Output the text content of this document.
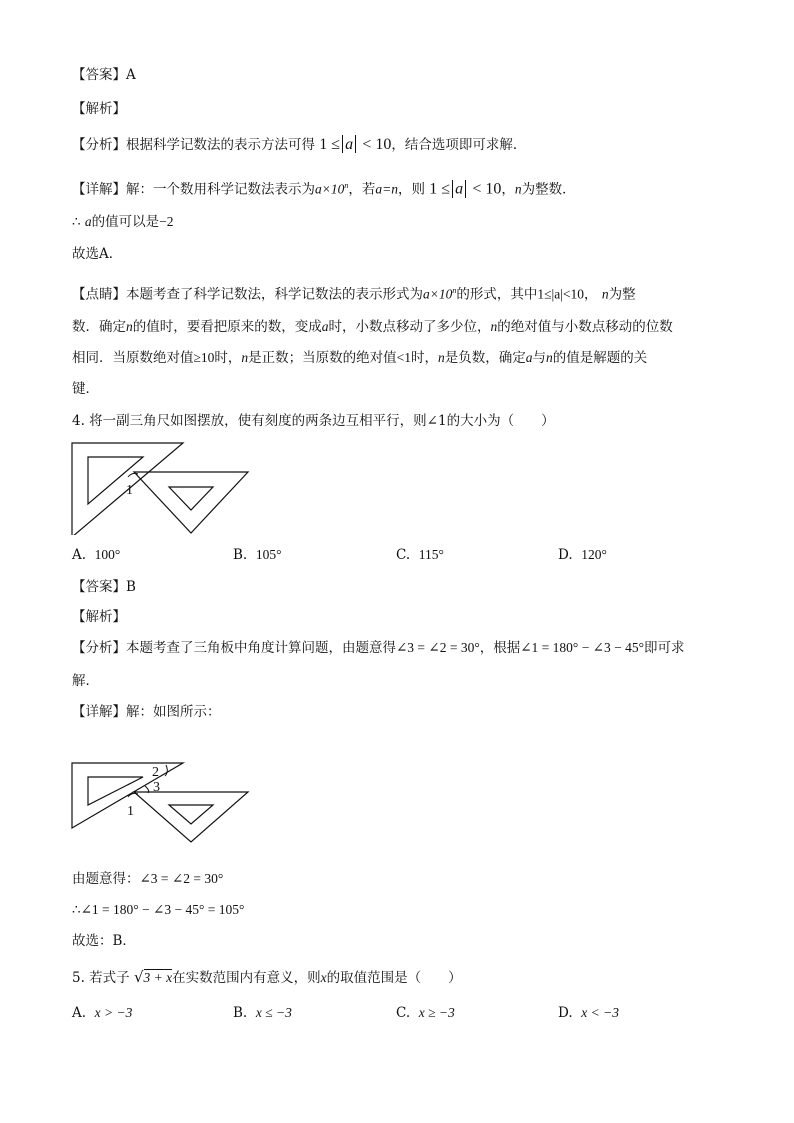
【答案】A
【解析】
【分析】根据科学记数法的表示方法可得 1 ≤ a < 10，结合选项即可求解．
【详解】解：一个数用科学记数法表示为$a\times 10^n$，若a=n，则 1 ≤ a < 10，n为整数．
∴ a的值可以是−2
故选A．
【点睛】本题考查了科学记数法，科学记数法的表示形式为$a\times 10^n$的形式，其中1≤|a|<10， n为整
数．确定n的值时，要看把原来的数，变成a时，小数点移动了多少位，n的绝对值与小数点移动的位数
相同．当原数绝对值≥10时，n是正数；当原数的绝对值<1时，n是负数，确定a与n的值是解题的关
键．
4. 将一副三角尺如图摆放，使有刻度的两条边互相平行，则∠1的大小为（　　）
1
A. 100°	B. 105°	C. 115°	D. 120°
【答案】B
【解析】
【分析】本题考查了三角板中角度计算问题，由题意得∠3 = ∠2 = 30°，根据∠1 = 180° − ∠3 − 45°即可求
解．
【详解】解：如图所示：
1
2
3
由题意得：∠3 = ∠2 = 30°
∴∠1 = 180° − ∠3 − 45° = 105°
故选：B．
5. 若式子 √3 + x在实数范围内有意义，则x的取值范围是（　　）
A. x > −3	B. x ≤ −3	C. x ≥ −3	D. x < −3
